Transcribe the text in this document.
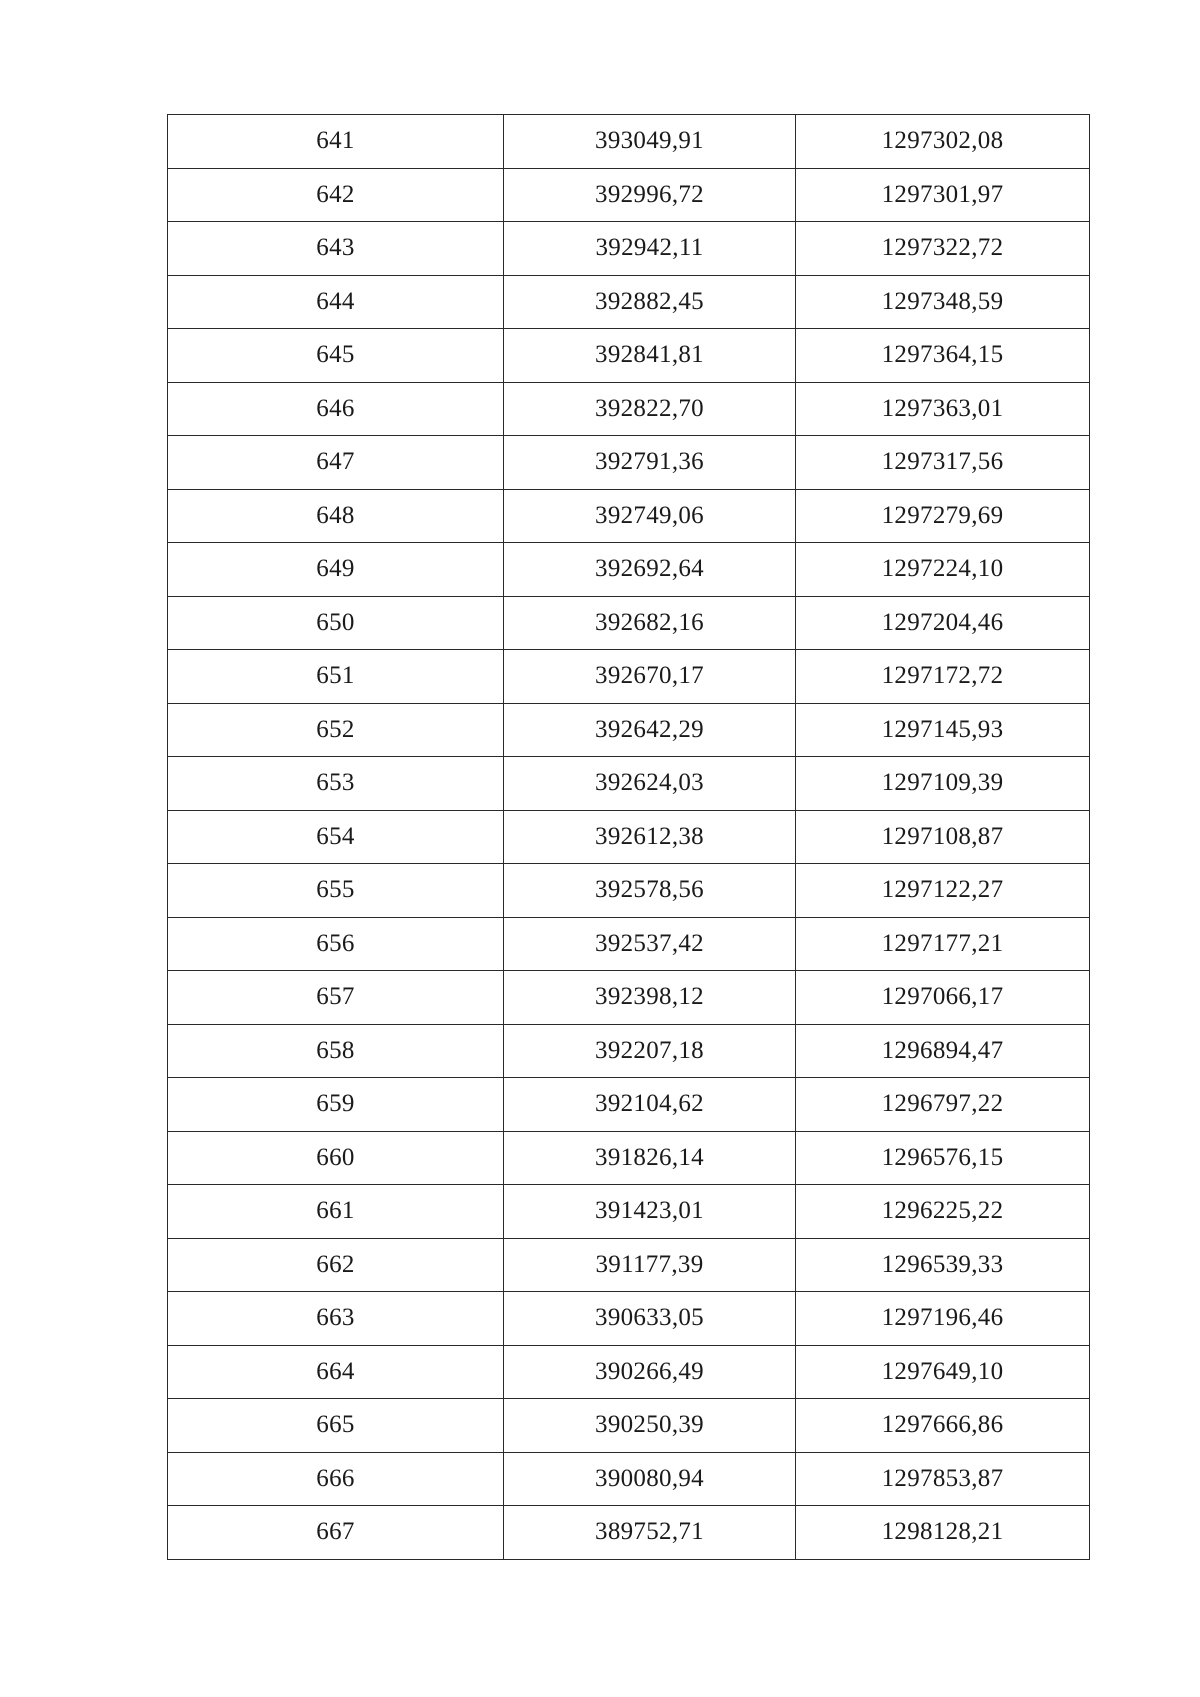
641	393049,91	1297302,08
642	392996,72	1297301,97
643	392942,11	1297322,72
644	392882,45	1297348,59
645	392841,81	1297364,15
646	392822,70	1297363,01
647	392791,36	1297317,56
648	392749,06	1297279,69
649	392692,64	1297224,10
650	392682,16	1297204,46
651	392670,17	1297172,72
652	392642,29	1297145,93
653	392624,03	1297109,39
654	392612,38	1297108,87
655	392578,56	1297122,27
656	392537,42	1297177,21
657	392398,12	1297066,17
658	392207,18	1296894,47
659	392104,62	1296797,22
660	391826,14	1296576,15
661	391423,01	1296225,22
662	391177,39	1296539,33
663	390633,05	1297196,46
664	390266,49	1297649,10
665	390250,39	1297666,86
666	390080,94	1297853,87
667	389752,71	1298128,21
